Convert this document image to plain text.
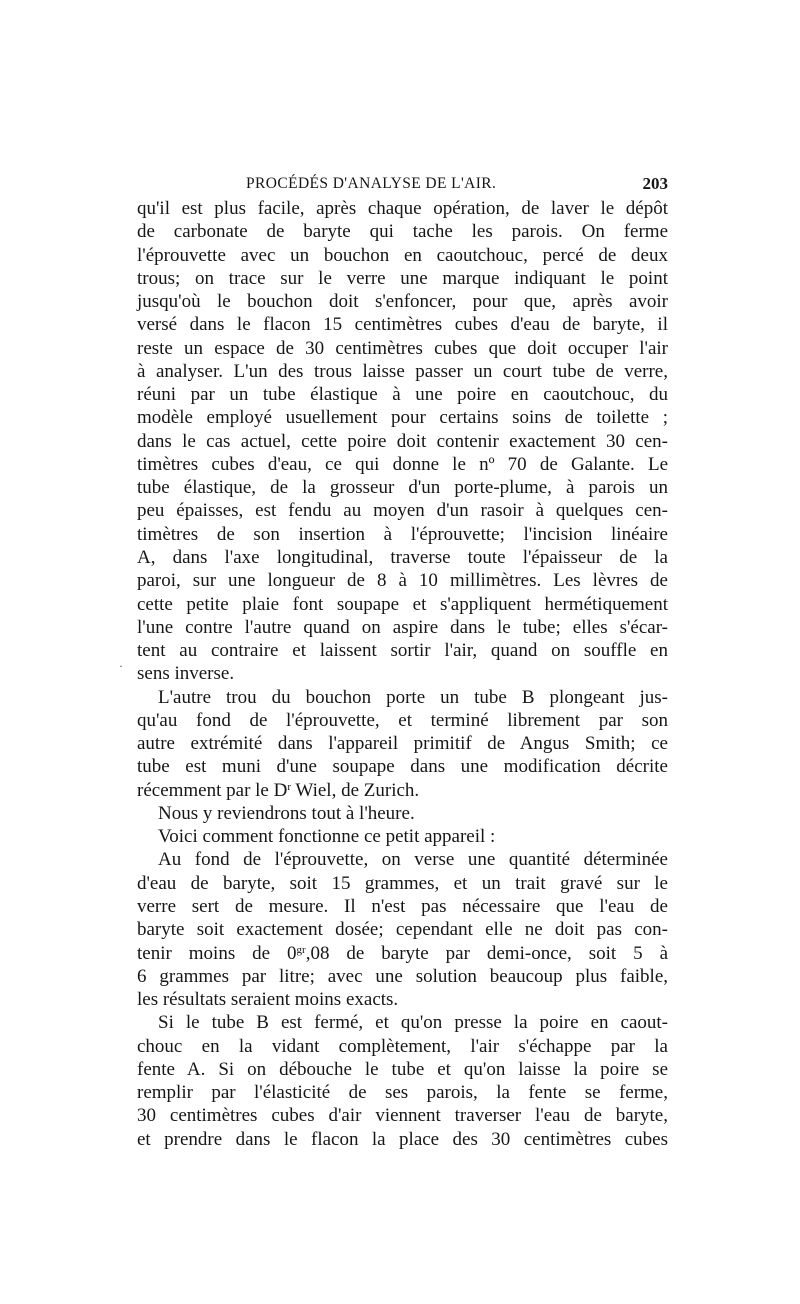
PROCÉDÉS D'ANALYSE DE L'AIR.	203
·
qu'il est plus facile, après chaque opération, de laver le dépôt
de carbonate de baryte qui tache les parois. On ferme
l'éprouvette avec un bouchon en caoutchouc, percé de deux
trous; on trace sur le verre une marque indiquant le point
jusqu'où le bouchon doit s'enfoncer, pour que, après avoir
versé dans le flacon 15 centimètres cubes d'eau de baryte, il
reste un espace de 30 centimètres cubes que doit occuper l'air
à analyser. L'un des trous laisse passer un court tube de verre,
réuni par un tube élastique à une poire en caoutchouc, du
modèle employé usuellement pour certains soins de toilette ;
dans le cas actuel, cette poire doit contenir exactement 30 cen-
timètres cubes d'eau, ce qui donne le nº 70 de Galante. Le
tube élastique, de la grosseur d'un porte-plume, à parois un
peu épaisses, est fendu au moyen d'un rasoir à quelques cen-
timètres de son insertion à l'éprouvette; l'incision linéaire
A, dans l'axe longitudinal, traverse toute l'épaisseur de la
paroi, sur une longueur de 8 à 10 millimètres. Les lèvres de
cette petite plaie font soupape et s'appliquent hermétiquement
l'une contre l'autre quand on aspire dans le tube; elles s'écar-
tent au contraire et laissent sortir l'air, quand on souffle en
sens inverse.
L'autre trou du bouchon porte un tube B plongeant jus-
qu'au fond de l'éprouvette, et terminé librement par son
autre extrémité dans l'appareil primitif de Angus Smith; ce
tube est muni d'une soupape dans une modification décrite
récemment par le $D^r$ Wiel, de Zurich.
Nous y reviendrons tout à l'heure.
Voici comment fonctionne ce petit appareil :
Au fond de l'éprouvette, on verse une quantité déterminée
d'eau de baryte, soit 15 grammes, et un trait gravé sur le
verre sert de mesure. Il n'est pas nécessaire que l'eau de
baryte soit exactement dosée; cependant elle ne doit pas con-
tenir moins de $0^{gr},08$ de baryte par demi-once, soit 5 à
6 grammes par litre; avec une solution beaucoup plus faible,
les résultats seraient moins exacts.
Si le tube B est fermé, et qu'on presse la poire en caout-
chouc en la vidant complètement, l'air s'échappe par la
fente A. Si on débouche le tube et qu'on laisse la poire se
remplir par l'élasticité de ses parois, la fente se ferme,
30 centimètres cubes d'air viennent traverser l'eau de baryte,
et prendre dans le flacon la place des 30 centimètres cubes
